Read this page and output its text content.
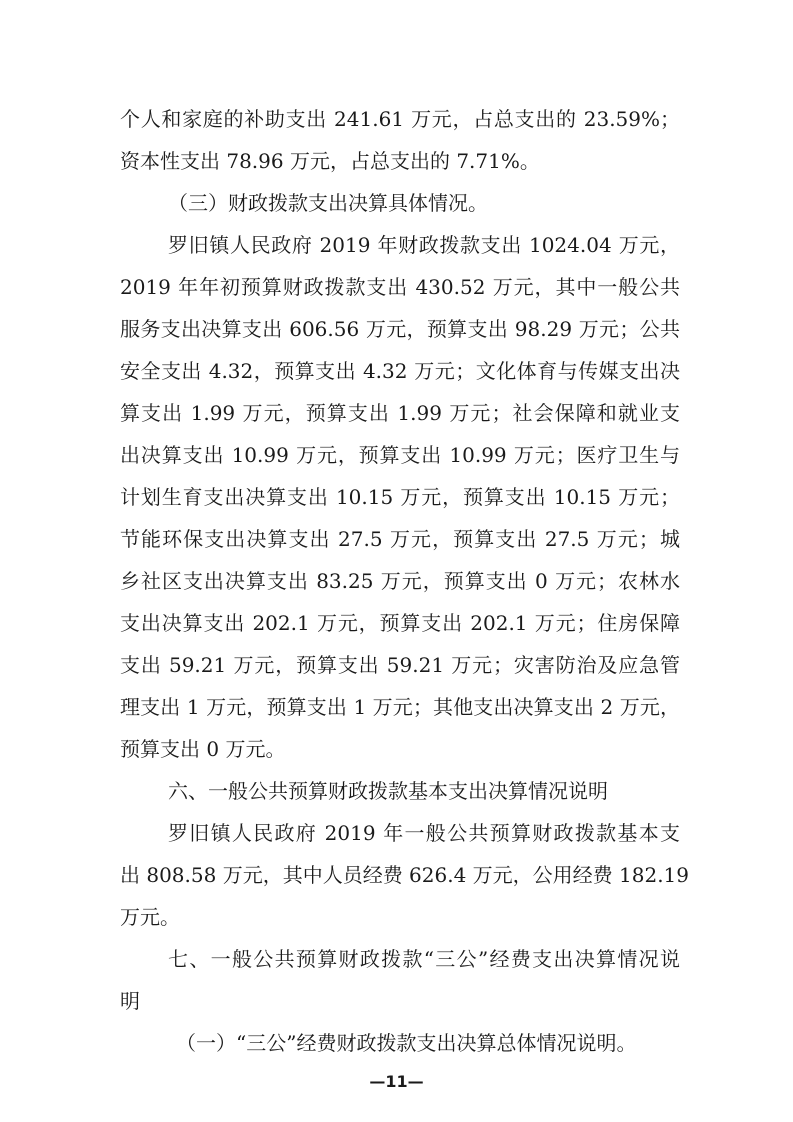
个人和家庭的补助支出 241.61 万元，占总支出的 23.59%；
资本性支出 78.96 万元，占总支出的 7.71%。
（三）财政拨款支出决算具体情况。
罗旧镇人民政府 2019 年财政拨款支出 1024.04 万元，
2019 年年初预算财政拨款支出 430.52 万元，其中一般公共
服务支出决算支出 606.56 万元，预算支出 98.29 万元；公共
安全支出 4.32，预算支出 4.32 万元；文化体育与传媒支出决
算支出 1.99 万元，预算支出 1.99 万元；社会保障和就业支
出决算支出 10.99 万元，预算支出 10.99 万元；医疗卫生与
计划生育支出决算支出 10.15 万元，预算支出 10.15 万元；
节能环保支出决算支出 27.5 万元，预算支出 27.5 万元；城
乡社区支出决算支出 83.25 万元，预算支出 0 万元；农林水
支出决算支出 202.1 万元，预算支出 202.1 万元；住房保障
支出 59.21 万元，预算支出 59.21 万元；灾害防治及应急管
理支出 1 万元，预算支出 1 万元；其他支出决算支出 2 万元，
预算支出 0 万元。
六、一般公共预算财政拨款基本支出决算情况说明
罗旧镇人民政府 2019 年一般公共预算财政拨款基本支
出 808.58 万元，其中人员经费 626.4 万元，公用经费 182.19
万元。
七、一般公共预算财政拨款“三公”经费支出决算情况说
明
（一）“三公”经费财政拨款支出决算总体情况说明。
—11—
